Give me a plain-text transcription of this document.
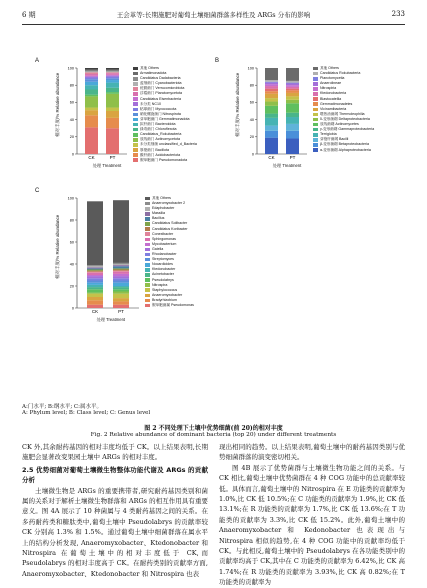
6 期	王会革等:长期施肥对葡萄土壤细菌群落多样性及 ARGs 分布的影响	233
A
0
20
40
60
80
100
CK	PT
其他 Others
Armatimonadota
Candidatus Dadabacteria
蓝细菌门 Cyanobacteriota
疣微菌门 Verrucomicrobiota
浮霉菌门 Planctomycetota
Candidatus Eisenbacteria
未分类 NC10
粘球菌门 Myxococcota
硝化螺旋菌门 Nitrospirota
芽单胞菌门 Gemmatimonadota
拟杆菌门 Bacteroidota
绿弯菌门 Chloroflexota
Candidatus_Rokubacteria
放线菌门 Actinomycetota
未分类细菌 unclassified_d_Bacteria
厚壁菌门 Bacillota
酸杆菌门 Acidobacteriota
假单胞菌门 Pseudomonadota
相对丰度/% Relative abundance
处理 Treatment
B
0
20
40
60
80
100
CK	PT
其他 Others
Candidatus Rokubacteria
Planctomycetia
Anaerolineae
Nitrospiria
Ktedonobacteria
Blastocatellia
Gemmatimonadetes
Vicinamibacteria
嗜热油菌纲 Thermoleophilia
δ-变形菌纲 Deltaproteobacteria
放线菌纲 Actinomycetes
γ-变形菌纲 Gammaproteobacteria
Terriglobia
芽孢杆菌纲 Bacilli
β-变形菌纲 Betaproteobacteria
α-变形菌纲 Alphaproteobacteria
相对丰度/% Relative abundance
处理 Treatment
C
0
20
40
60
80
100
CK	PT
其他 Others
Anaeromyxobacter 2
Edaphobacter
Massilia
Bacillus
Candidatus Solibacter
Candidatus Koribacter
Conexibacter
Sphingomonas
Mycobacterium
Gaiella
Rhodanobacter
Streptomyces
Nocardioides
Ktedonobacter
Acinetobacter
Pseudolabrys
Nitrospira
Staphylococcus
Anaeromyxobacter
Bradyrhizobium
假单胞菌属 Pseudomonas
相对丰度/% Relative abundance
处理 Treatment
A:门水平; B:纲水平; C:属水平。
A: Phylum level; B: Class level; C: Genus level
图 2 不同处理下土壤中优势细菌(前 20)的相对丰度
Fig. 2 Relative abundance of dominant bacteria (top 20) under different treatments

CK 外,其余耐药基因的相对丰度均低于 CK。以上结果表明,长期施肥会显著改变果园土壤中 ARGs 的相对丰度。

2.5 优势细菌对葡萄土壤微生物整体功能代谢及 ARGs 的贡献分析

土壤微生物是 ARGs 的重要携带者,研究耐药基因类别和菌属的关系对于解析土壤微生物群落和 ARGs 的相互作用具有重要意义。图 4A 展示了 10 种菌属与 4 类耐药基因之间的关系。在多药耐药类和糖肽类中,葡萄土壤中 Pseudolabrys 的贡献率较 CK 分别高 1.3% 和 1.5%。通过葡萄土壤中细菌群落在属水平上的结构分析发现, Anaeromyxobacter、Ktedonobacter 和 Nitrospira 在葡萄土壤中的相对丰度低于 CK,而 Pseudolabrys 的相对丰度高于 CK。在耐药类别的贡献率方面, Anaeromyxobacter、Ktedonobacter 和 Nitrospira 也表

现出相同的趋势。以上结果表明,葡萄土壤中的耐药基因类别与优势细菌群落的演变密切相关。

图 4B 展示了优势菌群与土壤微生物功能之间的关系。与 CK 相比,葡萄土壤中优势菌群在 4 种 COG 功能中的总贡献率较低。具体而言,葡萄土壤中的 Nitrospira 在 E 功能类的贡献率为 1.0%,比 CK 低 10.5%;在 C 功能类的贡献率为 1.9%,比 CK 低 13.1%;在 R 功能类的贡献率为 1.7%,比 CK 低 13.6%;在 T 功能类的贡献率为 3.3%,比 CK 低 15.2%。此外,葡萄土壤中的 Anaeromyxobacter 和 Kedonobacter 也表现出与 Nitrospira 相似的趋势,在 4 种 COG 功能中的贡献率均低于 CK。与此相反,葡萄土壤中的 Pseudolabrys 在各功能类别中的贡献率均高于 CK,其中在 C 功能类的贡献率为 6.42%,比 CK 高 1.74%;在 R 功能类的贡献率为 3.93%,比 CK 高 0.82%;在 T 功能类的贡献率为
